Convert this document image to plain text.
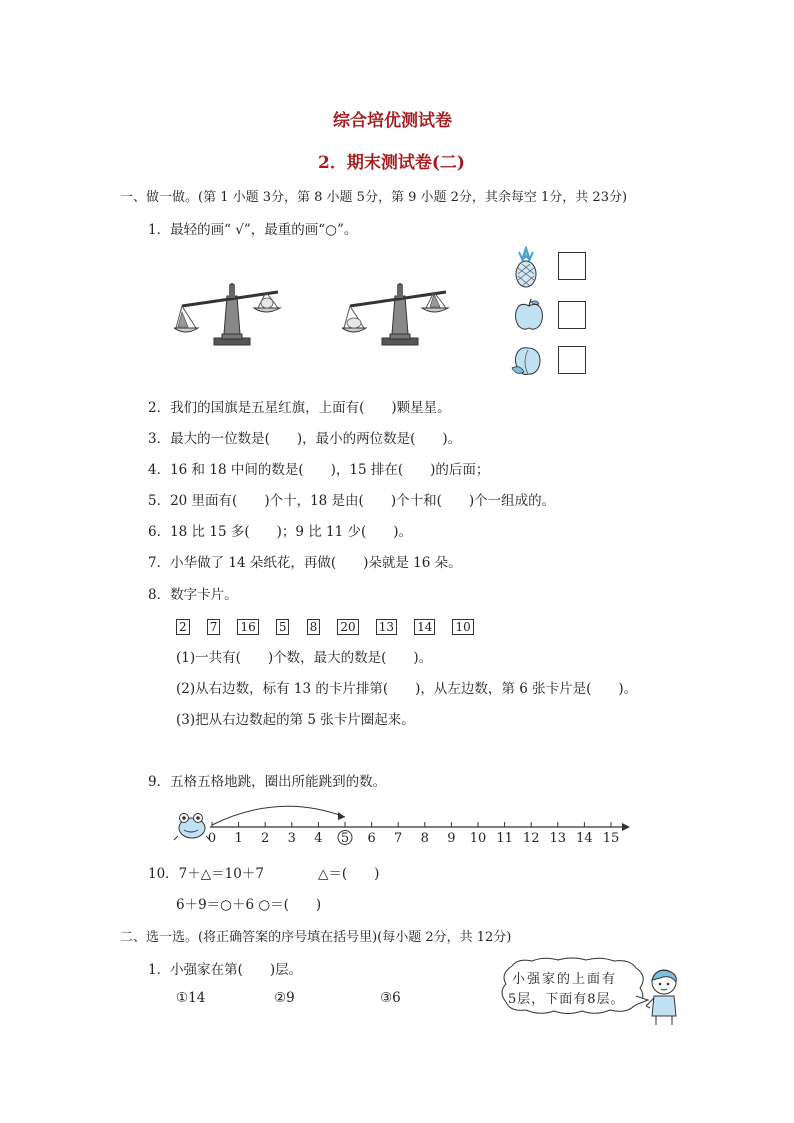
综合培优测试卷
2．期末测试卷(二)
一、做一做。(第 1 小题 3分，第 8 小题 5分，第 9 小题 2分，其余每空 1分，共 23分)
1．最轻的画“ √”，最重的画“○”。
2．我们的国旗是五星红旗，上面有(　　)颗星星。
3．最大的一位数是(　　)，最小的两位数是(　　)。
4．16 和 18 中间的数是(　　)，15 排在(　　)的后面；
5．20 里面有(　　)个十，18 是由(　　)个十和(　　)个一组成的。
6．18 比 15 多(　　)；9 比 11 少(　　)。
7．小华做了 14 朵纸花，再做(　　)朵就是 16 朵。
8．数字卡片。
2 7 16 5 8 20 13 14 10
(1)一共有(　　)个数，最大的数是(　　)。
(2)从右边数，标有 13 的卡片排第(　　)，从左边数，第 6 张卡片是(　　)。
(3)把从右边数起的第 5 张卡片圈起来。
9．五格五格地跳，圈出所能跳到的数。
0 1 2 3 4 5 6 7 8 9 10 11 12 13 14 15
10．7＋△＝10＋7	△＝(　　)
6＋9＝○＋6 ○＝(　　)
二、选一选。(将正确答案的序号填在括号里)(每小题 2分，共 12分)
1．小强家在第(　　)层。
①14	②9	③6
小强家的上面有
5层，下面有8层。
